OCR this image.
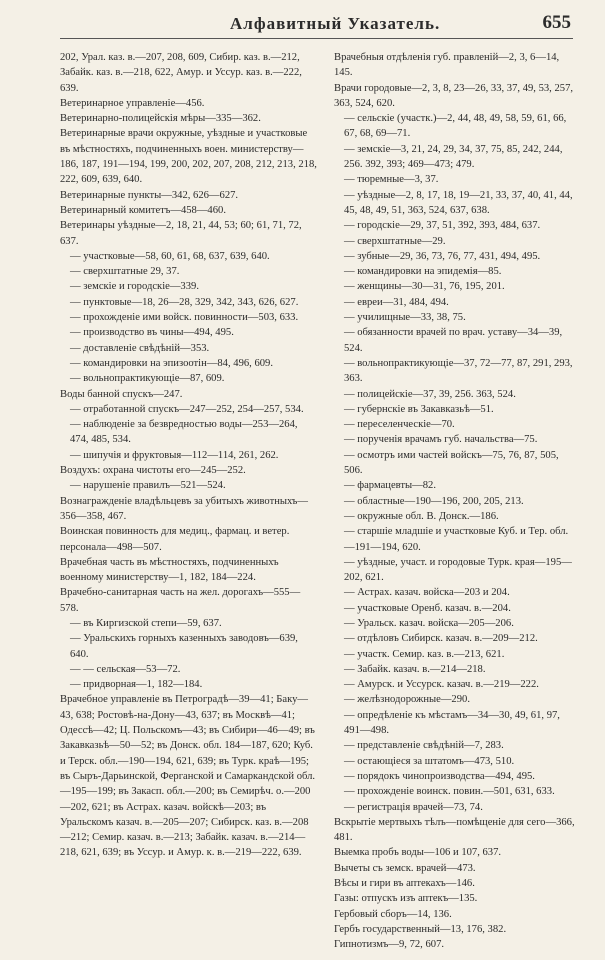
Алфавитный Указатель.	655

202, Урал. каз. в.—207, 208, 609, Сибир. каз. в.—212, Забайк. каз. в.—218, 622, Амур. и Уссур. каз. в.—222, 639.

Ветеринарное управленіе—456.

Ветеринарно-полицейскія мѣры—335—362.

Ветеринарные врачи окружные, уѣздные и участковые въ мѣстностяхъ, подчиненныхъ воен. министерству—186, 187, 191—194, 199, 200, 202, 207, 208, 212, 213, 218, 222, 609, 639, 640.

Ветеринарные пункты—342, 626—627.

Ветеринарный комитетъ—458—460.

Ветеринары уѣздные—2, 18, 21, 44, 53; 60; 61, 71, 72, 637.

— участковые—58, 60, 61, 68, 637, 639, 640.

— сверхштатные 29, 37.

— земскіе и городскіе—339.

— пунктовые—18, 26—28, 329, 342, 343, 626, 627.

— прохожденіе ими войск. повинности—503, 633.

— производство въ чины—494, 495.

— доставленіе свѣдѣній—353.

— командировки на эпизоотін—84, 496, 609.

— вольнопрактикующіе—87, 609.

Воды банной спускъ—247.

— отработанной спускъ—247—252, 254—257, 534.

— наблюденіе за безвредностью воды—253—264, 474, 485, 534.

— шипучія и фруктовыя—112—114, 261, 262.

Воздухъ: охрана чистоты его—245—252.

— нарушеніе правилъ—521—524.

Вознагражденіе владѣльцевъ за убитыхъ животныхъ—356—358, 467.

Воинская повинность для медиц., фармац. и ветер. персонала—498—507.

Врачебная часть въ мѣстностяхъ, подчиненныхъ военному министерству—1, 182, 184—224.

Врачебно-санитарная часть на жел. дорогахъ—555—578.

— въ Киргизской степи—59, 637.

— Уральскихъ горныхъ казенныхъ заводовъ—639, 640.

— — сельская—53—72.

— придворная—1, 182—184.

Врачебное управленіе въ Петроградѣ—39—41; Баку—43, 638; Ростовѣ-на-Дону—43, 637; въ Москвѣ—41; Одессѣ—42; Ц. Польскомъ—43; въ Сибири—46—49; въ Закавказьѣ—50—52; въ Донск. обл. 184—187, 620; Куб. и Терск. обл.—190—194, 621, 639; въ Турк. краѣ—195; въ Сыръ-Дарьинской, Ферганской и Самаркандской обл.—195—199; въ Закасп. обл.—200; въ Семирѣч. о.—200—202, 621; въ Астрах. казач. войскѣ—203; въ Уральскомъ казач. в.—205—207; Сибирск. каз. в.—208—212; Семир. казач. в.—213; Забайк. казач. в.—214—218, 621, 639; въ Уссур. и Амур. к. в.—219—222, 639.

Врачебныя отдѣленія губ. правленій—2, 3, 6—14, 145.

Врачи городовые—2, 3, 8, 23—26, 33, 37, 49, 53, 257, 363, 524, 620.

— сельскіе (участк.)—2, 44, 48, 49, 58, 59, 61, 66, 67, 68, 69—71.

— земскіе—3, 21, 24, 29, 34, 37, 75, 85, 242, 244, 256. 392, 393; 469—473; 479.

— тюремные—3, 37.

— уѣздные—2, 8, 17, 18, 19—21, 33, 37, 40, 41, 44, 45, 48, 49, 51, 363, 524, 637, 638.

— городскіе—29, 37, 51, 392, 393, 484, 637.

— сверхштатные—29.

— зубные—29, 36, 73, 76, 77, 431, 494, 495.

— командировки на эпидемія—85.

— женщины—30—31, 76, 195, 201.

— евреи—31, 484, 494.

— училищные—33, 38, 75.

— обязанности врачей по врач. уставу—34—39, 524.

— вольнопрактикующіе—37, 72—77, 87, 291, 293, 363.

— полицейскіе—37, 39, 256. 363, 524.

— губернскіе въ Закавказьѣ—51.

— переселенческіе—70.

— порученія врачамъ губ. начальства—75.

— осмотръ ими частей войскъ—75, 76, 87, 505, 506.

— фармацевты—82.

— областные—190—196, 200, 205, 213.

— окружные обл. В. Донск.—186.

— старшіе младшіе и участковые Куб. и Тер. обл.—191—194, 620.

— уѣздные, участ. и городовые Турк. края—195—202, 621.

— Астрах. казач. войска—203 и 204.

— участковые Оренб. казач. в.—204.

— Уральск. казач. войска—205—206.

— отдѣловъ Сибирск. казач. в.—209—212.

— участк. Семир. каз. в.—213, 621.

— Забайк. казач. в.—214—218.

— Амурск. и Уссурск. казач. в.—219—222.

— желѣзнодорожные—290.

— опредѣленіе къ мѣстамъ—34—30, 49, 61, 97, 491—498.

— представленіе свѣдѣній—7, 283.

— остающіеся за штатомъ—473, 510.

— порядокъ чинопроизводства—494, 495.

— прохожденіе воинск. повин.—501, 631, 633.

— регистрація врачей—73, 74.

Вскрытіе мертвыхъ тѣлъ—помѣщеніе для сего—366, 481.

Выемка пробъ воды—106 и 107, 637.

Вычеты съ земск. врачей—473.

Вѣсы и гири въ аптекахъ—146.

Газы: отпускъ изъ аптекъ—135.

Гербовый сборъ—14, 136.

Гербъ государственный—13, 176, 382.

Гипнотизмъ—9, 72, 607.
